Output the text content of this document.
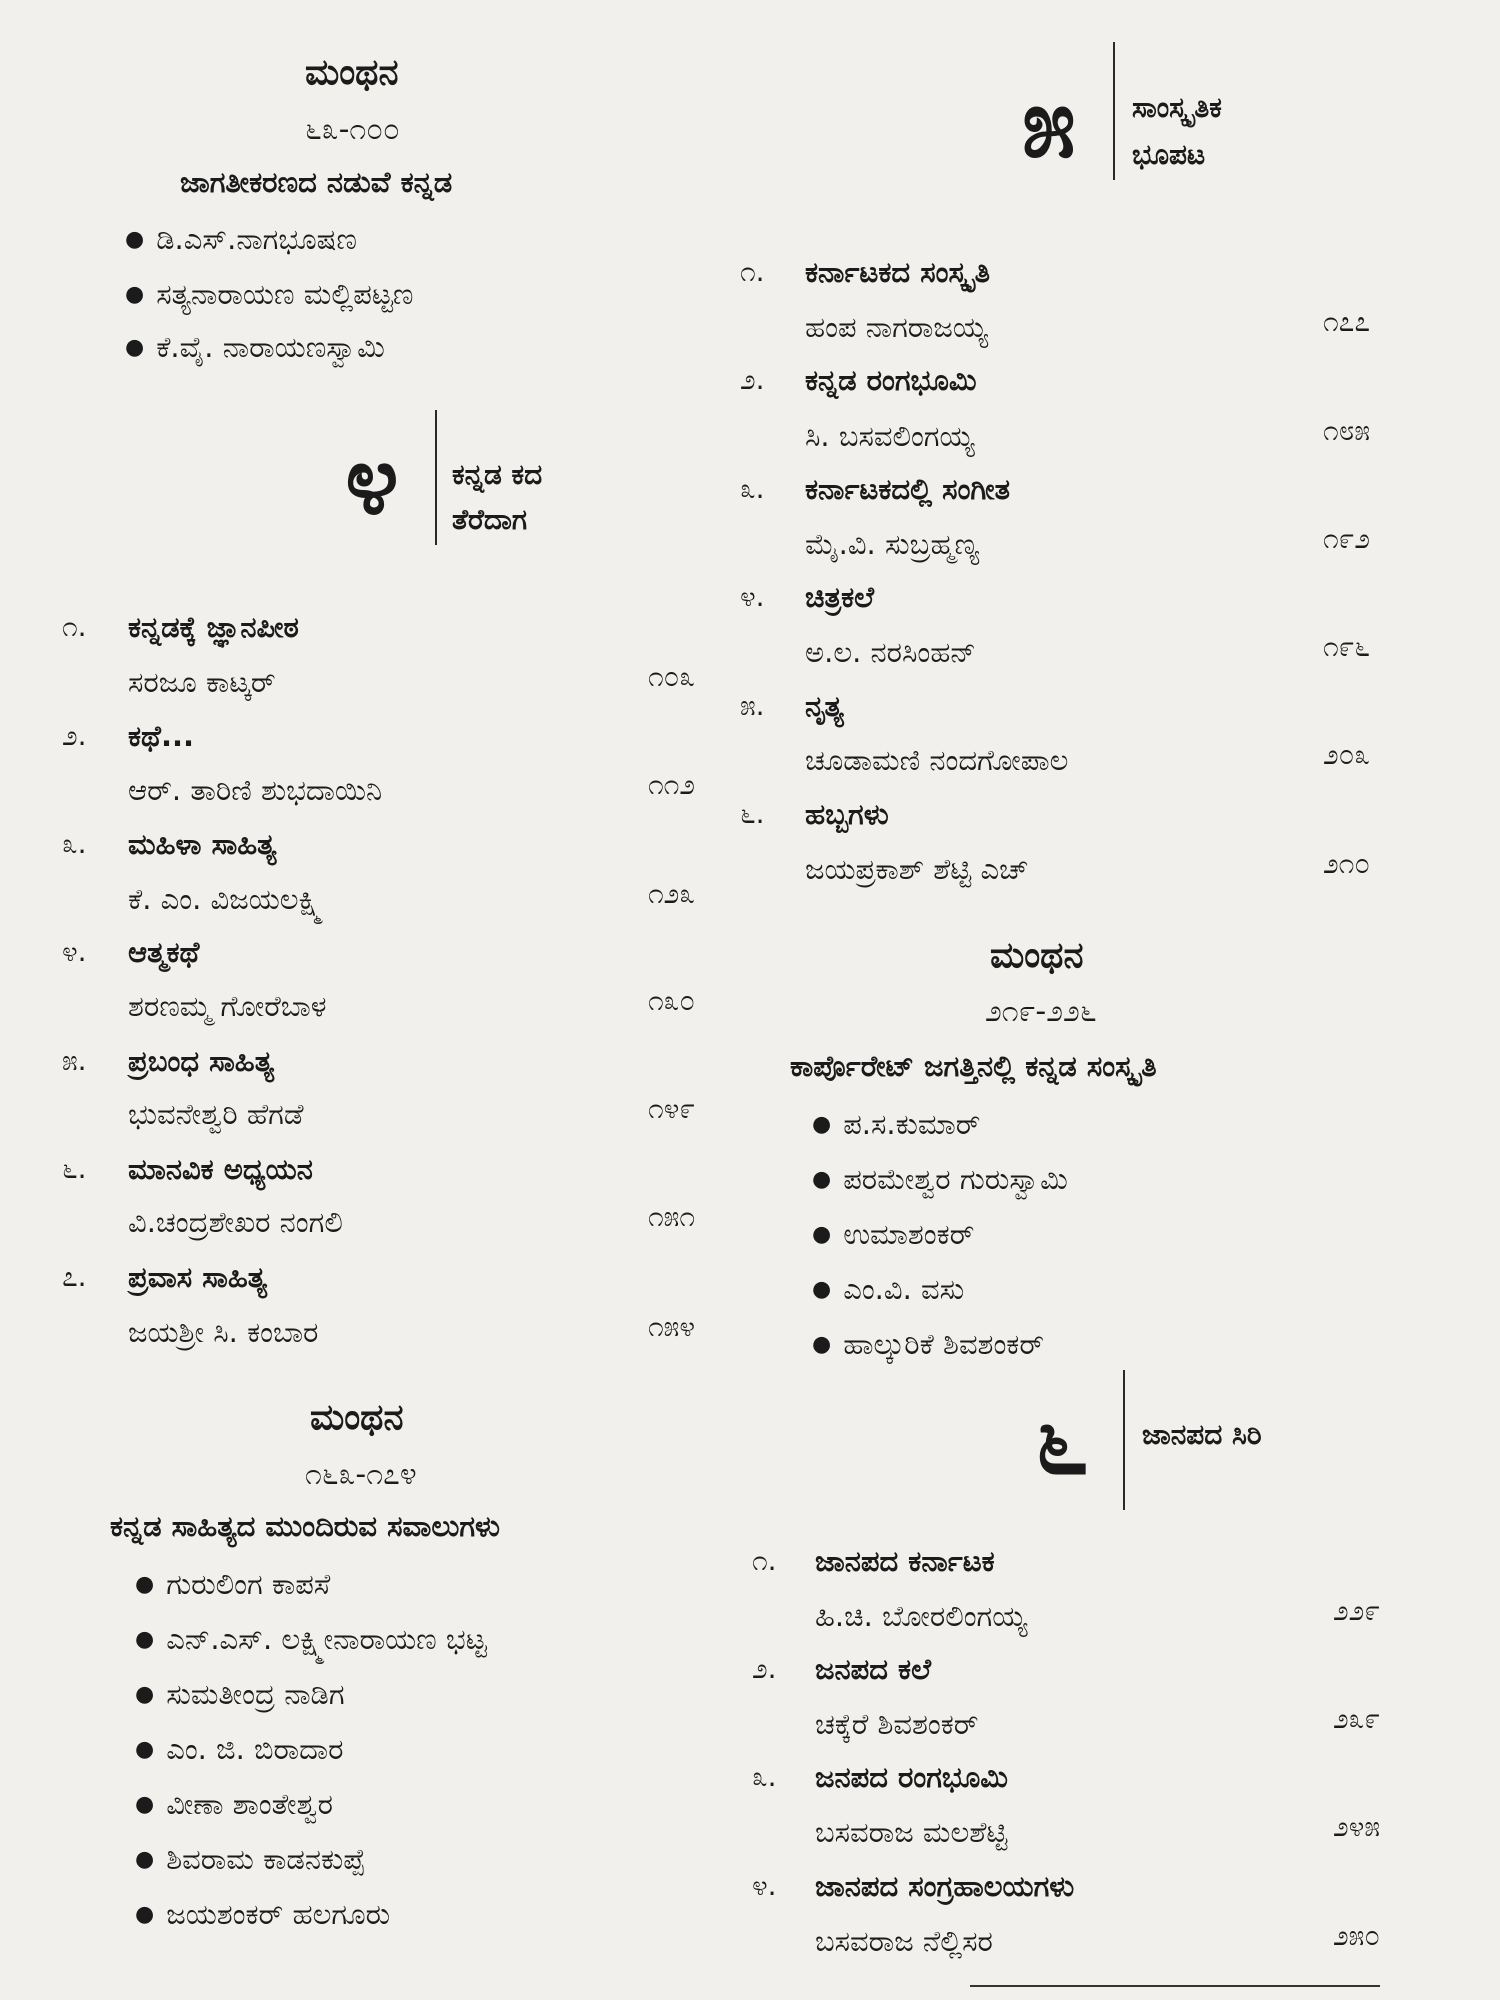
ಮಂಥನ
೬೩-೧೦೦
ಜಾಗತೀಕರಣದ ನಡುವೆ ಕನ್ನಡ
● ಡಿ.ಎಸ್.ನಾಗಭೂಷಣ
● ಸತ್ಯನಾರಾಯಣ ಮಲ್ಲಿಪಟ್ಟಣ
● ಕೆ.ವೈ. ನಾರಾಯಣಸ್ವಾಮಿ
೪ ಕನ್ನಡ ಕದ
ತೆರೆದಾಗ
೧. ಕನ್ನಡಕ್ಕೆ ಜ್ಞಾನಪೀಠ
ಸರಜೂ ಕಾಟ್ಕರ್	೧೦೩
೨. ಕಥೆ...
ಆರ್. ತಾರಿಣಿ ಶುಭದಾಯಿನಿ	೧೧೨
೩. ಮಹಿಳಾ ಸಾಹಿತ್ಯ
ಕೆ. ಎಂ. ವಿಜಯಲಕ್ಷ್ಮಿ	೧೨೩
೪. ಆತ್ಮಕಥೆ
ಶರಣಮ್ಮ ಗೋರೆಬಾಳ	೧೩೦
೫. ಪ್ರಬಂಧ ಸಾಹಿತ್ಯ
ಭುವನೇಶ್ವರಿ ಹೆಗಡೆ	೧೪೯
೬. ಮಾನವಿಕ ಅಧ್ಯಯನ
ವಿ.ಚಂದ್ರಶೇಖರ ನಂಗಲಿ	೧೫೧
೭. ಪ್ರವಾಸ ಸಾಹಿತ್ಯ
ಜಯಶ್ರೀ ಸಿ. ಕಂಬಾರ	೧೫೪
ಮಂಥನ
೧೬೩-೧೭೪
ಕನ್ನಡ ಸಾಹಿತ್ಯದ ಮುಂದಿರುವ ಸವಾಲುಗಳು
● ಗುರುಲಿಂಗ ಕಾಪಸೆ
● ಎನ್.ಎಸ್. ಲಕ್ಷ್ಮೀನಾರಾಯಣ ಭಟ್ಟ
● ಸುಮತೀಂದ್ರ ನಾಡಿಗ
● ಎಂ. ಜಿ. ಬಿರಾದಾರ
● ವೀಣಾ ಶಾಂತೇಶ್ವರ
● ಶಿವರಾಮ ಕಾಡನಕುಪ್ಪೆ
● ಜಯಶಂಕರ್ ಹಲಗೂರು
೫ ಸಾಂಸ್ಕೃತಿಕ
ಭೂಪಟ
೧. ಕರ್ನಾಟಕದ ಸಂಸ್ಕೃತಿ
ಹಂಪ ನಾಗರಾಜಯ್ಯ	೧೭೭
೨. ಕನ್ನಡ ರಂಗಭೂಮಿ
ಸಿ. ಬಸವಲಿಂಗಯ್ಯ	೧೮೫
೩. ಕರ್ನಾಟಕದಲ್ಲಿ ಸಂಗೀತ
ಮೈ.ವಿ. ಸುಬ್ರಹ್ಮಣ್ಯ	೧೯೨
೪. ಚಿತ್ರಕಲೆ
ಅ.ಲ. ನರಸಿಂಹನ್	೧೯೬
೫. ನೃತ್ಯ
ಚೂಡಾಮಣಿ ನಂದಗೋಪಾಲ	೨೦೩
೬. ಹಬ್ಬಗಳು
ಜಯಪ್ರಕಾಶ್ ಶೆಟ್ಟಿ ಎಚ್	೨೧೦
ಮಂಥನ
೨೧೯-೨೨೬
ಕಾರ್ಪೊರೇಟ್ ಜಗತ್ತಿನಲ್ಲಿ ಕನ್ನಡ ಸಂಸ್ಕೃತಿ
● ಪ.ಸ.ಕುಮಾರ್
● ಪರಮೇಶ್ವರ ಗುರುಸ್ವಾಮಿ
● ಉಮಾಶಂಕರ್
● ಎಂ.ವಿ. ವಸು
● ಹಾಲ್ಕುರಿಕೆ ಶಿವಶಂಕರ್
೬ ಜಾನಪದ ಸಿರಿ
೧. ಜಾನಪದ ಕರ್ನಾಟಕ
ಹಿ.ಚಿ. ಬೋರಲಿಂಗಯ್ಯ	೨೨೯
೨. ಜನಪದ ಕಲೆ
ಚಕ್ಕೆರೆ ಶಿವಶಂಕರ್	೨೩೯
೩. ಜನಪದ ರಂಗಭೂಮಿ
ಬಸವರಾಜ ಮಲಶೆಟ್ಟಿ	೨೪೫
೪. ಜಾನಪದ ಸಂಗ್ರಹಾಲಯಗಳು
ಬಸವರಾಜ ನೆಲ್ಲಿಸರ	೨೫೦
